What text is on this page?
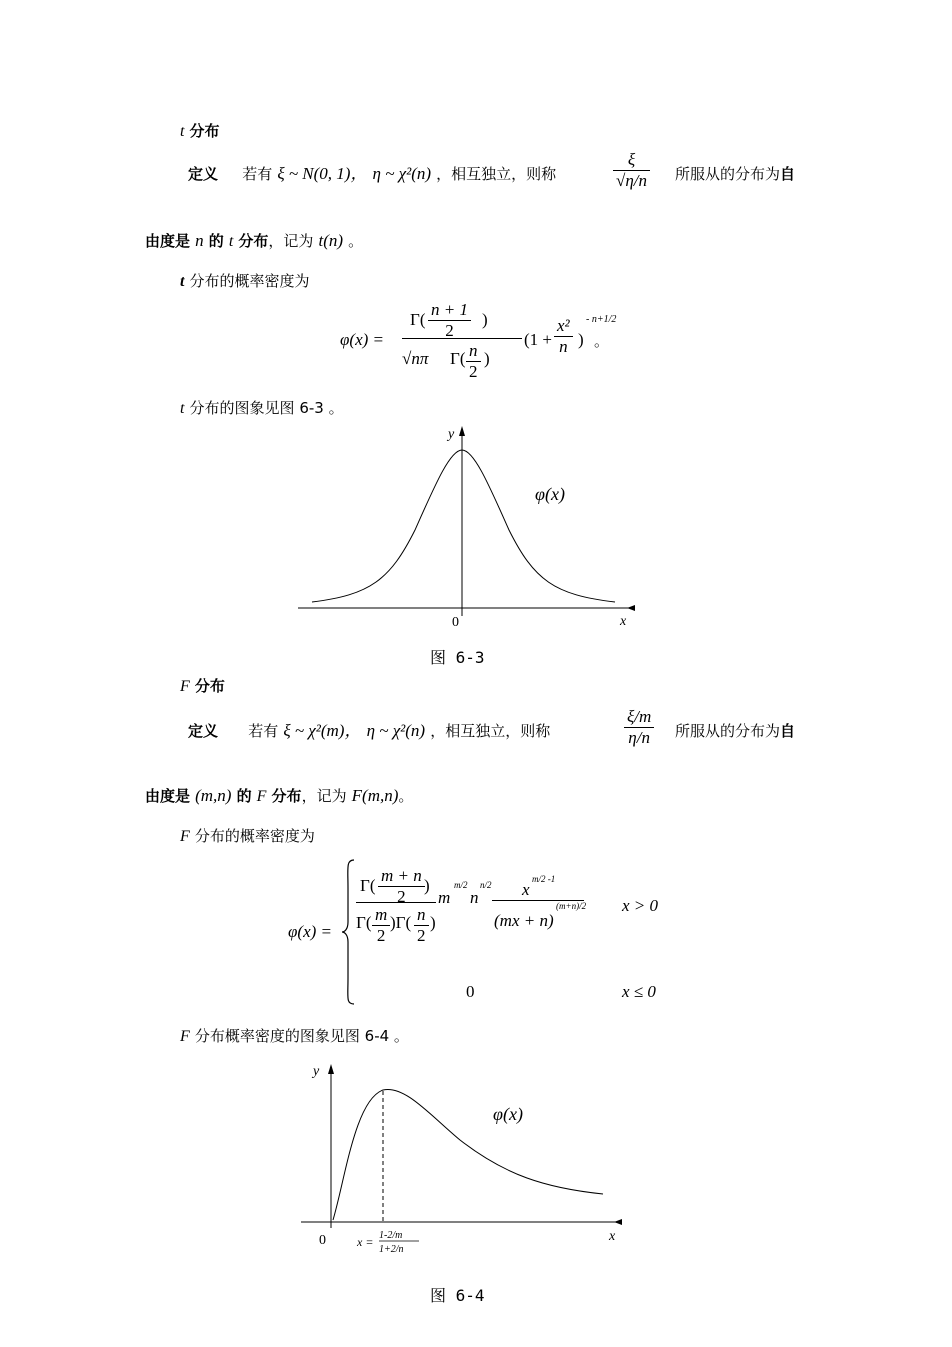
t 分布
定义 若有 ξ ~ N(0, 1)， η ~ χ²(n) ，相互独立，则称	$\frac{\xi}{√\eta/n}$ 所服从的分布为自
由度是 n 的 t 分布，记为 t(n) 。
t 分布的概率密度为
φ(x) =
$\Gamma( \frac{n + 1}{2}$ )
√nπ $\Gamma( \frac{n}{2}$ )
($1 + \frac{\text{x²}}{n}$ )
- n+1/2
。
t 分布的图象见图 6-3 。
y
x
0
φ(x)
图 6-3
F 分布
定义 若有 ξ ~ χ²(m)， η ~ χ²(n) ，相互独立，则称	$\frac{\xi/m}{\eta/n}$ 所服从的分布为自
由度是 (m,n) 的 F 分布，记为 F(m,n)。
F 分布的概率密度为
φ(x) =
$\Gamma( \frac{m + n}{2}$ )
$\Gamma( \frac{m}{2} )\Gamma( \frac{n}{2}$ )
m
m/2
n
n/2 x
m/2 -1
(mx + n)
(m+n)/2 x > 0
0	x ≤ 0
F 分布概率密度的图象见图 6-4 。
y
x
0
φ(x)
x = 1-2/m
1+2/n
图 6-4
